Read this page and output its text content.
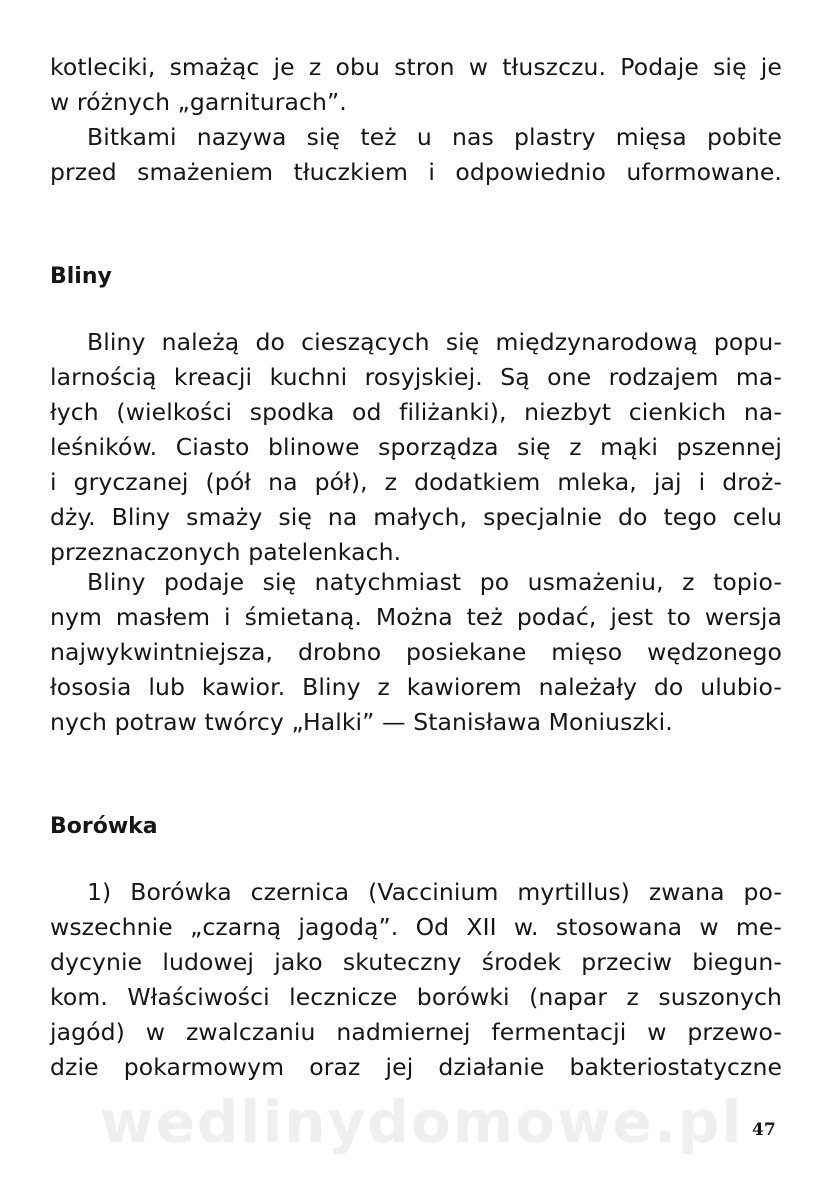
wedlinydomowe.pl
kotleciki, smażąc je z obu stron w tłuszczu. Podaje się je
w różnych „garniturach”.
Bitkami nazywa się też u nas plastry mięsa pobite
przed smażeniem tłuczkiem i odpowiednio uformowane.
Bliny
Bliny należą do cieszących się międzynarodową popu-
larnością kreacji kuchni rosyjskiej. Są one rodzajem ma-
łych (wielkości spodka od filiżanki), niezbyt cienkich na-
leśników. Ciasto blinowe sporządza się z mąki pszennej
i gryczanej (pół na pół), z dodatkiem mleka, jaj i droż-
dży. Bliny smaży się na małych, specjalnie do tego celu
przeznaczonych patelenkach.
Bliny podaje się natychmiast po usmażeniu, z topio-
nym masłem i śmietaną. Można też podać, jest to wersja
najwykwintniejsza, drobno posiekane mięso wędzonego
łososia lub kawior. Bliny z kawiorem należały do ulubio-
nych potraw twórcy „Halki” — Stanisława Moniuszki.
Borówka
1) Borówka czernica (Vaccinium myrtillus) zwana po-
wszechnie „czarną jagodą”. Od XII w. stosowana w me-
dycynie ludowej jako skuteczny środek przeciw biegun-
kom. Właściwości lecznicze borówki (napar z suszonych
jagód) w zwalczaniu nadmiernej fermentacji w przewo-
dzie pokarmowym oraz jej działanie bakteriostatyczne
47
